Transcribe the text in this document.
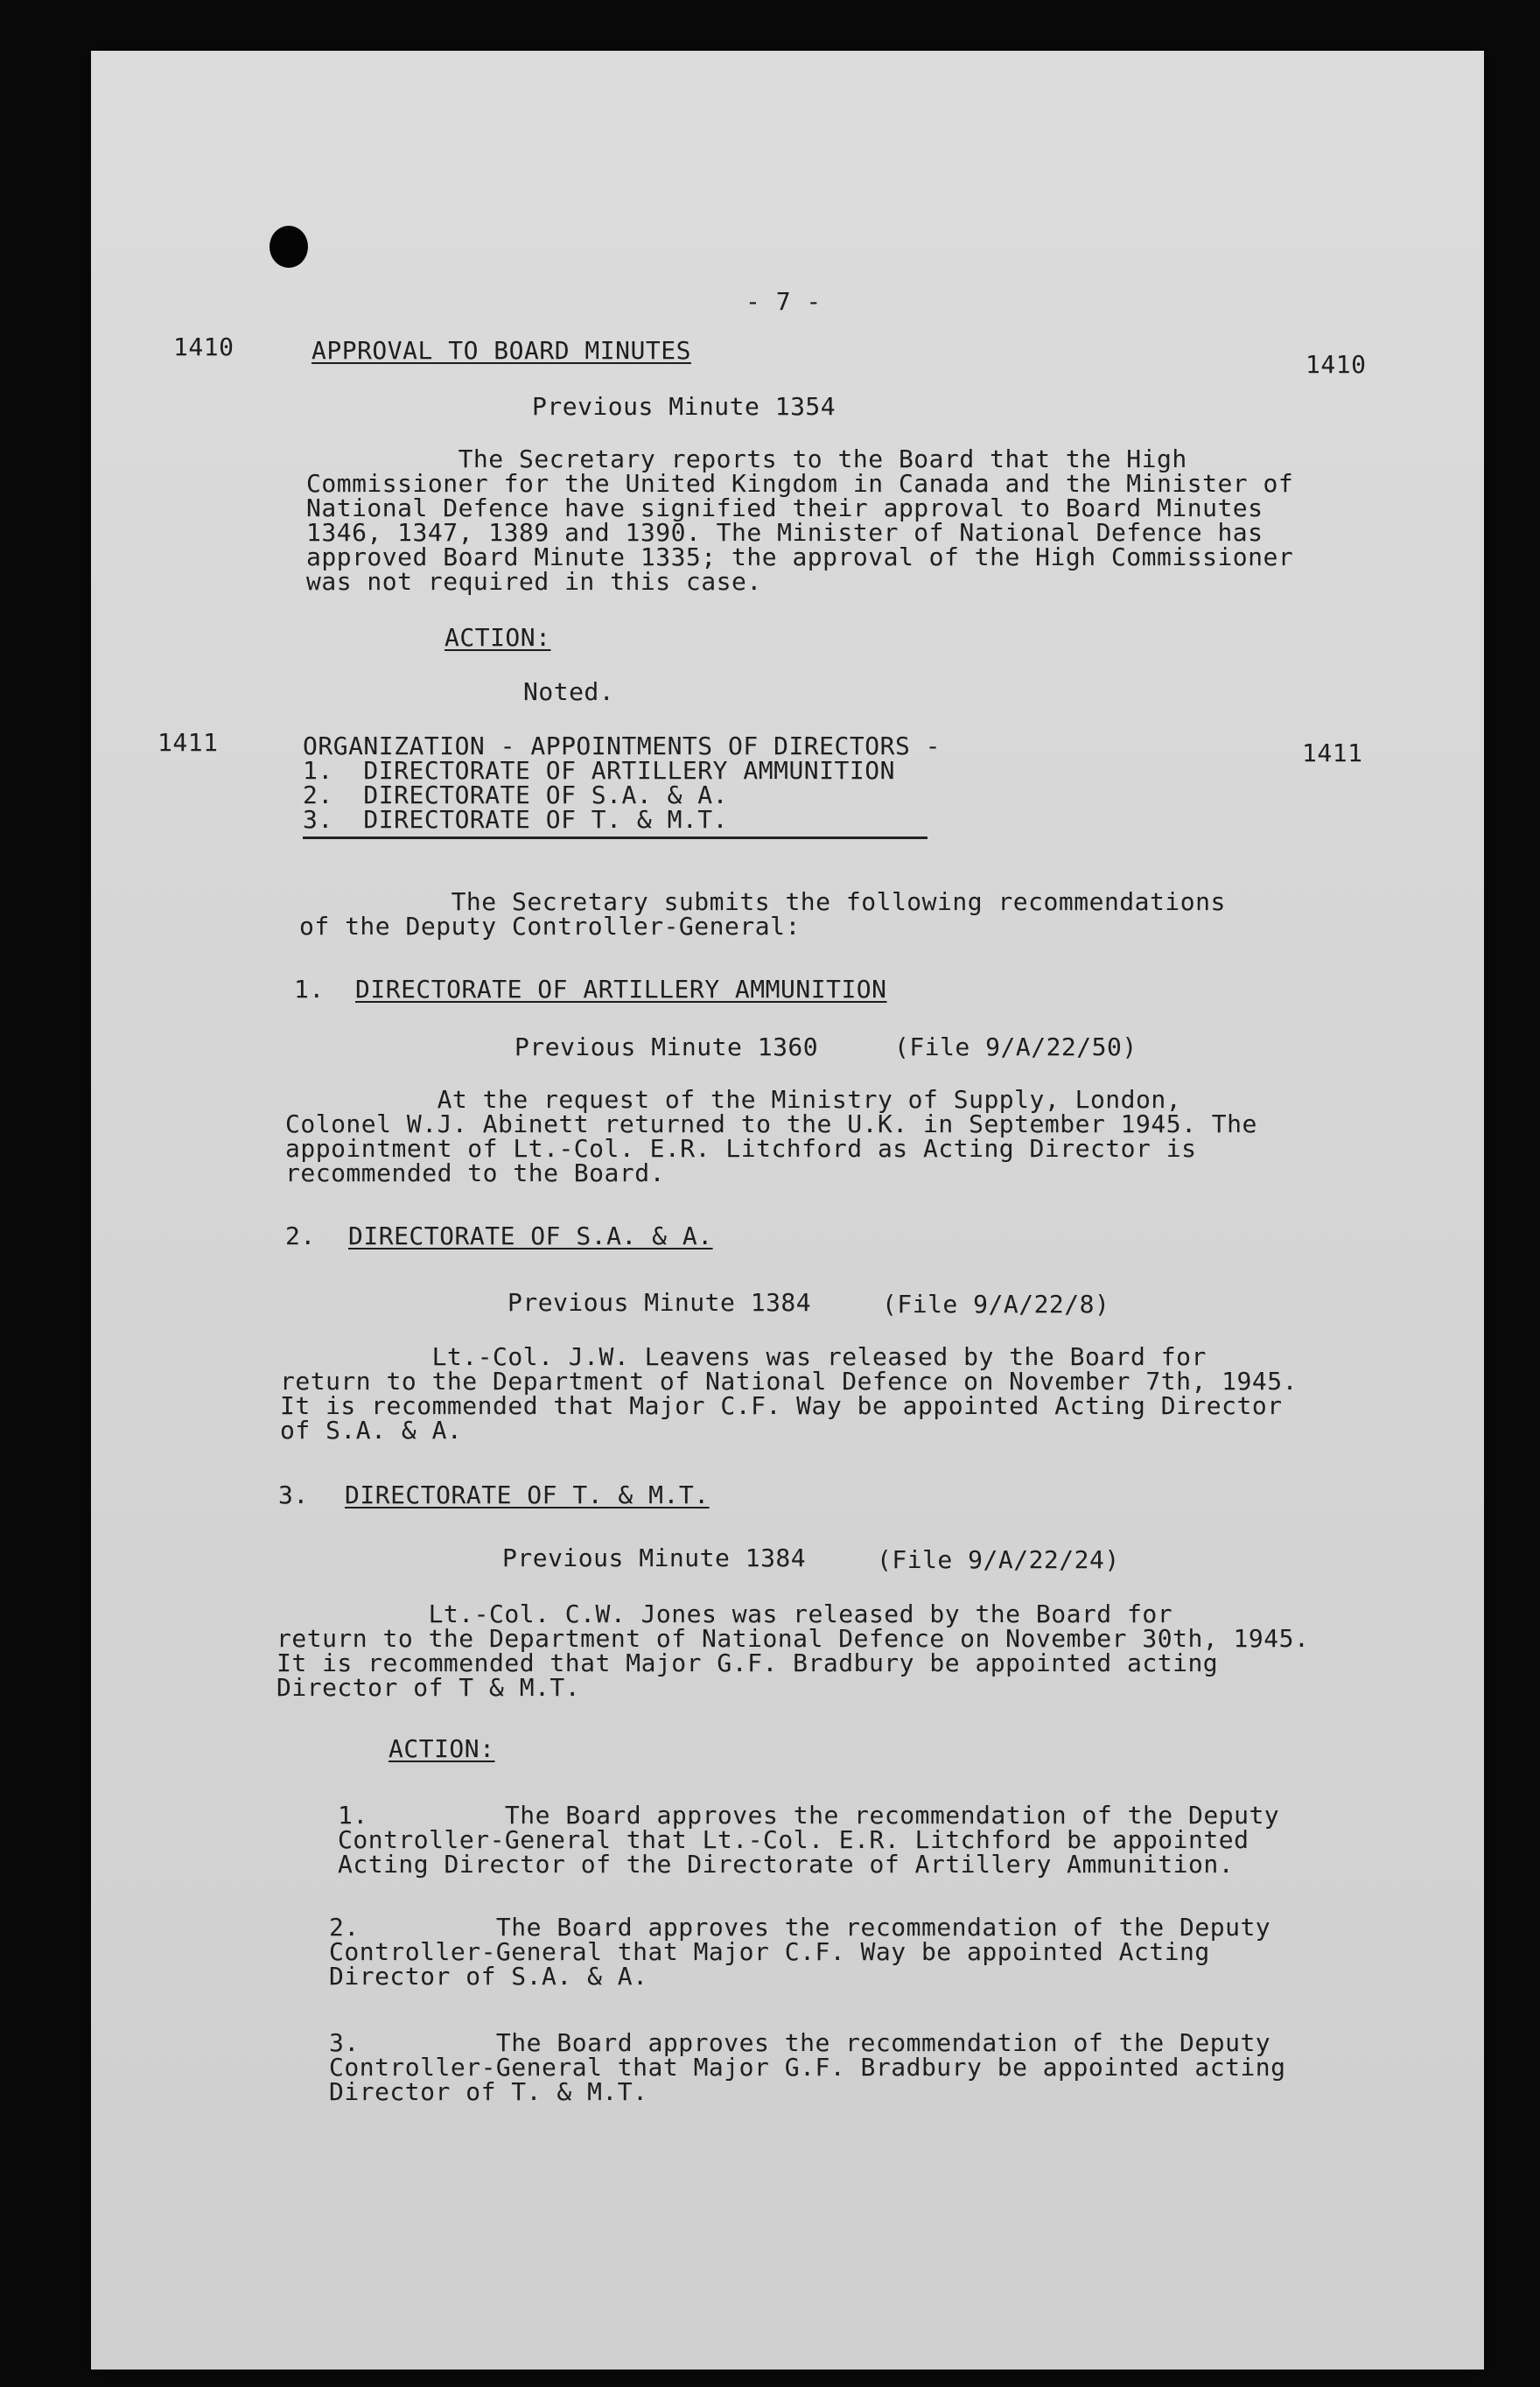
- 7 -
1410	APPROVAL TO BOARD MINUTES	1410
Previous Minute 1354
The Secretary reports to the Board that the High
Commissioner for the United Kingdom in Canada and the Minister of
National Defence have signified their approval to Board Minutes
1346, 1347, 1389 and 1390. The Minister of National Defence has
approved Board Minute 1335; the approval of the High Commissioner
was not required in this case.
ACTION:
Noted.
1411	1411
ORGANIZATION - APPOINTMENTS OF DIRECTORS -
1.  DIRECTORATE OF ARTILLERY AMMUNITION
2.  DIRECTORATE OF S.A. & A.
3.  DIRECTORATE OF T. & M.T.
The Secretary submits the following recommendations
of the Deputy Controller-General:
1. DIRECTORATE OF ARTILLERY AMMUNITION
Previous Minute 1360	(File 9/A/22/50)
At the request of the Ministry of Supply, London,
Colonel W.J. Abinett returned to the U.K. in September 1945. The
appointment of Lt.-Col. E.R. Litchford as Acting Director is
recommended to the Board.
2. DIRECTORATE OF S.A. & A.
Previous Minute 1384	(File 9/A/22/8)
Lt.-Col. J.W. Leavens was released by the Board for
return to the Department of National Defence on November 7th, 1945.
It is recommended that Major C.F. Way be appointed Acting Director
of S.A. & A.
3. DIRECTORATE OF T. & M.T.
Previous Minute 1384	(File 9/A/22/24)
Lt.-Col. C.W. Jones was released by the Board for
return to the Department of National Defence on November 30th, 1945.
It is recommended that Major G.F. Bradbury be appointed acting
Director of T & M.T.
ACTION:
1.         The Board approves the recommendation of the Deputy
Controller-General that Lt.-Col. E.R. Litchford be appointed
Acting Director of the Directorate of Artillery Ammunition.
2.         The Board approves the recommendation of the Deputy
Controller-General that Major C.F. Way be appointed Acting
Director of S.A. & A.
3.         The Board approves the recommendation of the Deputy
Controller-General that Major G.F. Bradbury be appointed acting
Director of T. & M.T.
